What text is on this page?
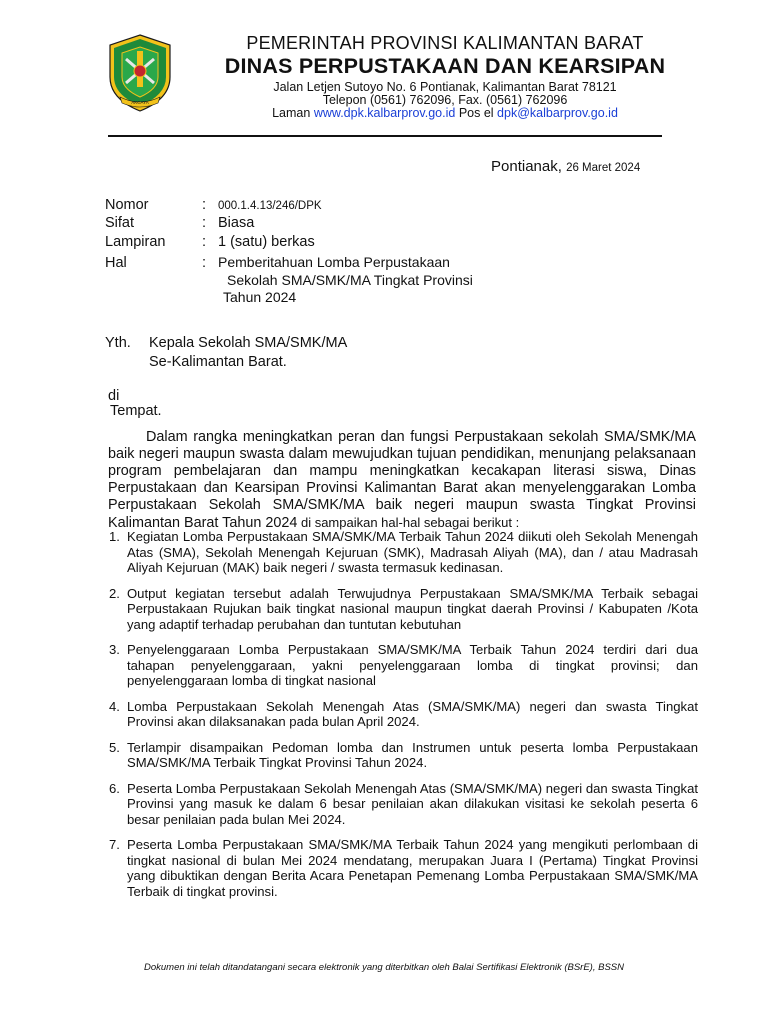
AKCAYA
PEMERINTAH PROVINSI KALIMANTAN BARAT
DINAS PERPUSTAKAAN DAN KEARSIPAN
Jalan Letjen Sutoyo No. 6 Pontianak, Kalimantan Barat 78121
Telepon (0561) 762096, Fax. (0561) 762096
Laman www.dpk.kalbarprov.go.id Pos el dpk@kalbarprov.go.id
Pontianak, 26 Maret 2024
Nomor	: 000.1.4.13/246/DPK
Sifat	: Biasa
Lampiran	: 1 (satu) berkas
Hal	: Pemberitahuan Lomba Perpustakaan
Sekolah SMA/SMK/MA Tingkat Provinsi
Tahun 2024
Yth. Kepala Sekolah SMA/SMK/MA
Se-Kalimantan Barat.
di
Tempat.
Dalam rangka meningkatkan peran dan fungsi Perpustakaan sekolah SMA/SMK/MA baik negeri maupun swasta dalam mewujudkan tujuan pendidikan, menunjang pelaksanaan program pembelajaran dan mampu meningkatkan kecakapan literasi siswa, Dinas Perpustakaan dan Kearsipan Provinsi Kalimantan Barat akan menyelenggarakan Lomba Perpustakaan Sekolah SMA/SMK/MA baik negeri maupun swasta Tingkat Provinsi Kalimantan Barat Tahun 2024 di sampaikan hal-hal sebagai berikut :
1. Kegiatan Lomba Perpustakaan SMA/SMK/MA Terbaik Tahun 2024 diikuti oleh Sekolah Menengah Atas (SMA), Sekolah Menengah Kejuruan (SMK), Madrasah Aliyah (MA), dan / atau Madrasah Aliyah Kejuruan (MAK) baik negeri / swasta termasuk kedinasan.
2. Output kegiatan tersebut adalah Terwujudnya Perpustakaan SMA/SMK/MA Terbaik sebagai Perpustakaan Rujukan baik tingkat nasional maupun tingkat daerah Provinsi / Kabupaten /Kota yang adaptif terhadap perubahan dan tuntutan kebutuhan
3. Penyelenggaraan Lomba Perpustakaan SMA/SMK/MA Terbaik Tahun 2024 terdiri dari dua tahapan penyelenggaraan, yakni penyelenggaraan lomba di tingkat provinsi; dan penyelenggaraan lomba di tingkat nasional
4. Lomba Perpustakaan Sekolah Menengah Atas (SMA/SMK/MA) negeri dan swasta Tingkat Provinsi akan dilaksanakan pada bulan April 2024.
5. Terlampir disampaikan Pedoman lomba dan Instrumen untuk peserta lomba Perpustakaan SMA/SMK/MA Terbaik Tingkat Provinsi Tahun 2024.
6. Peserta Lomba Perpustakaan Sekolah Menengah Atas (SMA/SMK/MA) negeri dan swasta Tingkat Provinsi yang masuk ke dalam 6 besar penilaian akan dilakukan visitasi ke sekolah peserta 6 besar penilaian pada bulan Mei 2024.
7. Peserta Lomba Perpustakaan SMA/SMK/MA Terbaik Tahun 2024 yang mengikuti perlombaan di tingkat nasional di bulan Mei 2024 mendatang, merupakan Juara I (Pertama) Tingkat Provinsi yang dibuktikan dengan Berita Acara Penetapan Pemenang Lomba Perpustakaan SMA/SMK/MA Terbaik di tingkat provinsi.
Dokumen ini telah ditandatangani secara elektronik yang diterbitkan oleh Balai Sertifikasi Elektronik (BSrE), BSSN
